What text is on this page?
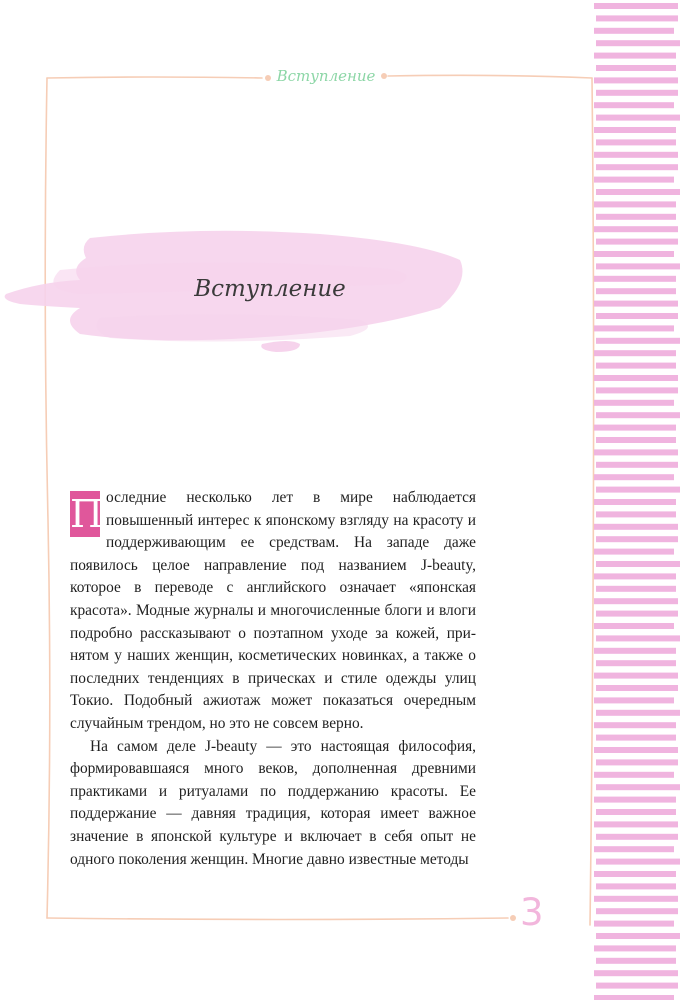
Вступление
Вступление

П оследние несколько лет в мире наблюдается повышенный интерес к японскому взгляду на красоту и поддерживающим ее средствам. На западе даже появилось целое направление под названием J-beauty, которое в переводе с английского означает «японская красота». Модные журналы и многочисленные блоги и влоги подробно рассказывают о поэтапном уходе за кожей, принятом у наших женщин, косметических новинках, а также о последних тенденциях в прическах и стиле одежды улиц Токио. Подобный ажиотаж может показаться очередным случайным трендом, но это не совсем верно.

На самом деле J-beauty — это настоящая философия, формировавшаяся много веков, дополненная древними практиками и ритуалами по поддержанию красоты. Ее поддержание — давняя традиция, которая имеет важное значение в японской культуре и включает в себя опыт не одного поколения женщин. Многие давно известные методы

3
